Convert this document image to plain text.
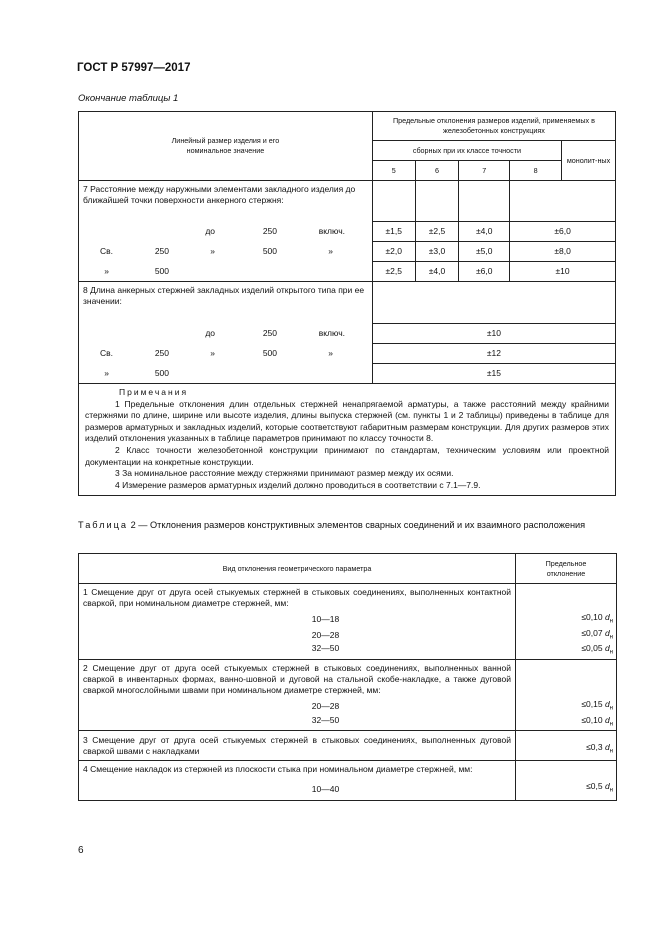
ГОСТ Р 57997—2017
Окончание таблицы 1
Линейный размер изделия и его номинальное значение	Предельные отклонения размеров изделий, применяемых в железобетонных конструкциях				
	сборных при их классе точности				монолит-ных
	5	6	7	8	
7 Расстояние между наружными элементами закладного изделия до ближайшей точки поверхности анкерного стержня:					

до 250 включ.	±1,5	±2,5	±4,0	±6,0	

Св. 250 » 500 »	±2,0	±3,0	±5,0	±8,0	

» 500	±2,5	±4,0	±6,0	±10	
8 Длина анкерных стержней закладных изделий открытого типа при ее значении:					

до 250 включ.	±10				

Св. 250 » 500 »	±12				

» 500	±15				

Примечания

1 Предельные отклонения длин отдельных стержней ненапрягаемой арматуры, а также расстояний между крайними стержнями по длине, ширине или высоте изделия, длины выпуска стержней (см. пункты 1 и 2 таблицы) приведены в таблице для размеров арматурных и закладных изделий, которые соответствуют габаритным размерам конструкции. Для других размеров этих изделий отклонения указанных в таблице параметров принимают по классу точности 8.

2 Класс точности железобетонной конструкции принимают по стандартам, техническим условиям или проектной документации на конкретные конструкции.

3 За номинальное расстояние между стержнями принимают размер между их осями.

4 Измерение размеров арматурных изделий должно проводиться в соответствии с 7.1—7.9.					

Таблица 2 — Отклонения размеров конструктивных элементов сварных соединений и их взаимного расположения
Вид отклонения геометрического параметра	Предельное отклонение
1 Смещение друг от друга осей стыкуемых стержней в стыковых соединениях, выполненных контактной сваркой, при номинальном диаметре стержней, мм:	
10—18	≤0,10 $d_н$
20—28	≤0,07 $d_н$
32—50	≤0,05 $d_н$
2 Смещение друг от друга осей стыкуемых стержней в стыковых соединениях, выполненных ванной сваркой в инвентарных формах, ванно-шовной и дуговой на стальной скобе-накладке, а также дуговой сваркой многослойными швами при номинальном диаметре стержней, мм:	
20—28	≤0,15 $d_н$
32—50	≤0,10 $d_н$
3 Смещение друг от друга осей стыкуемых стержней в стыковых соединениях, выполненных дуговой сваркой швами с накладками	≤0,3 $d_н$
4 Смещение накладок из стержней из плоскости стыка при номинальном диаметре стержней, мм:	
10—40	≤0,5 $d_н$
6
